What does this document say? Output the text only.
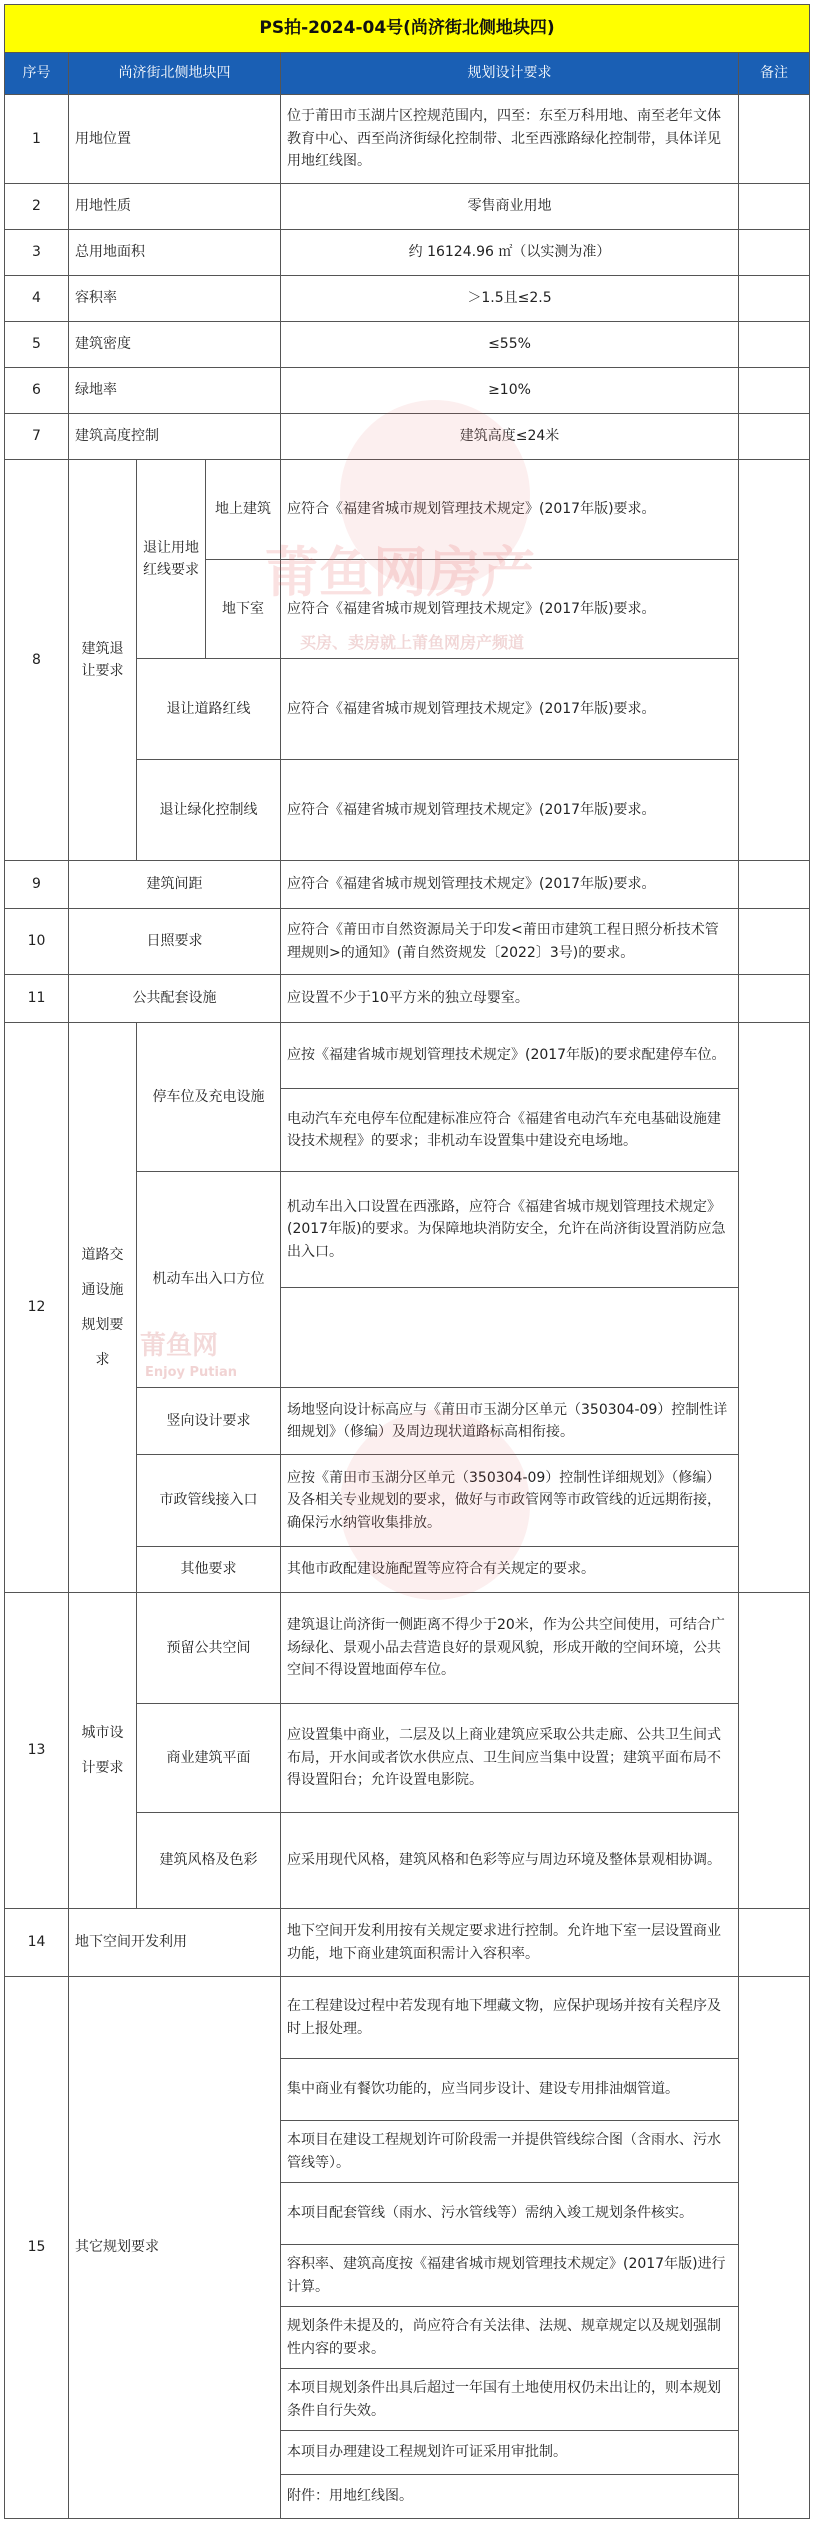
PS拍-2024-04号(尚济街北侧地块四)					
序号	尚济街北侧地块四			规划设计要求	备注
1	用地位置			位于莆田市玉湖片区控规范围内，四至：东至万科用地、南至老年文体教育中心、西至尚济街绿化控制带、北至西涨路绿化控制带，具体详见用地红线图。	
2	用地性质			零售商业用地	
3	总用地面积			约 16124.96 ㎡（以实测为准）	
4	容积率			＞1.5且≤2.5	
5	建筑密度			≤55%	
6	绿地率			≥10%	
7	建筑高度控制			建筑高度≤24米	
8	建筑退让要求	退让用地红线要求	地上建筑	应符合《福建省城市规划管理技术规定》(2017年版)要求。	
			地下室	应符合《福建省城市规划管理技术规定》(2017年版)要求。	
		退让道路红线		应符合《福建省城市规划管理技术规定》(2017年版)要求。	
		退让绿化控制线		应符合《福建省城市规划管理技术规定》(2017年版)要求。	
9	建筑间距			应符合《福建省城市规划管理技术规定》(2017年版)要求。	
10	日照要求			应符合《莆田市自然资源局关于印发<莆田市建筑工程日照分析技术管理规则>的通知》(莆自然资规发〔2022〕3号)的要求。	
11	公共配套设施			应设置不少于10平方米的独立母婴室。	
12	道路交通设施规划要求	停车位及充电设施		应按《福建省城市规划管理技术规定》(2017年版)的要求配建停车位。	
				电动汽车充电停车位配建标准应符合《福建省电动汽车充电基础设施建设技术规程》的要求；非机动车设置集中建设充电场地。	
		机动车出入口方位		机动车出入口设置在西涨路，应符合《福建省城市规划管理技术规定》(2017年版)的要求。为保障地块消防安全，允许在尚济街设置消防应急出入口。	

		竖向设计要求		场地竖向设计标高应与《莆田市玉湖分区单元（350304-09）控制性详细规划》（修编）及周边现状道路标高相衔接。	
		市政管线接入口		应按《莆田市玉湖分区单元（350304-09）控制性详细规划》（修编）及各相关专业规划的要求，做好与市政管网等市政管线的近远期衔接，确保污水纳管收集排放。	
		其他要求		其他市政配建设施配置等应符合有关规定的要求。	
13	城市设计要求	预留公共空间		建筑退让尚济街一侧距离不得少于20米，作为公共空间使用，可结合广场绿化、景观小品去营造良好的景观风貌，形成开敞的空间环境，公共空间不得设置地面停车位。	
		商业建筑平面		应设置集中商业，二层及以上商业建筑应采取公共走廊、公共卫生间式布局，开水间或者饮水供应点、卫生间应当集中设置；建筑平面布局不得设置阳台；允许设置电影院。	
		建筑风格及色彩		应采用现代风格，建筑风格和色彩等应与周边环境及整体景观相协调。	
14	地下空间开发利用			地下空间开发利用按有关规定要求进行控制。允许地下室一层设置商业功能，地下商业建筑面积需计入容积率。	
15	其它规划要求			在工程建设过程中若发现有地下埋藏文物，应保护现场并按有关程序及时上报处理。	
				集中商业有餐饮功能的，应当同步设计、建设专用排油烟管道。	
				本项目在建设工程规划许可阶段需一并提供管线综合图（含雨水、污水管线等）。	
				本项目配套管线（雨水、污水管线等）需纳入竣工规划条件核实。	
				容积率、建筑高度按《福建省城市规划管理技术规定》(2017年版)进行计算。	
				规划条件未提及的，尚应符合有关法律、法规、规章规定以及规划强制性内容的要求。	
				本项目规划条件出具后超过一年国有土地使用权仍未出让的，则本规划条件自行失效。	
				本项目办理建设工程规划许可证采用审批制。	
				附件：用地红线图。	
莆鱼网房产
买房、卖房就上莆鱼网房产频道
莆鱼网
Enjoy Putian
